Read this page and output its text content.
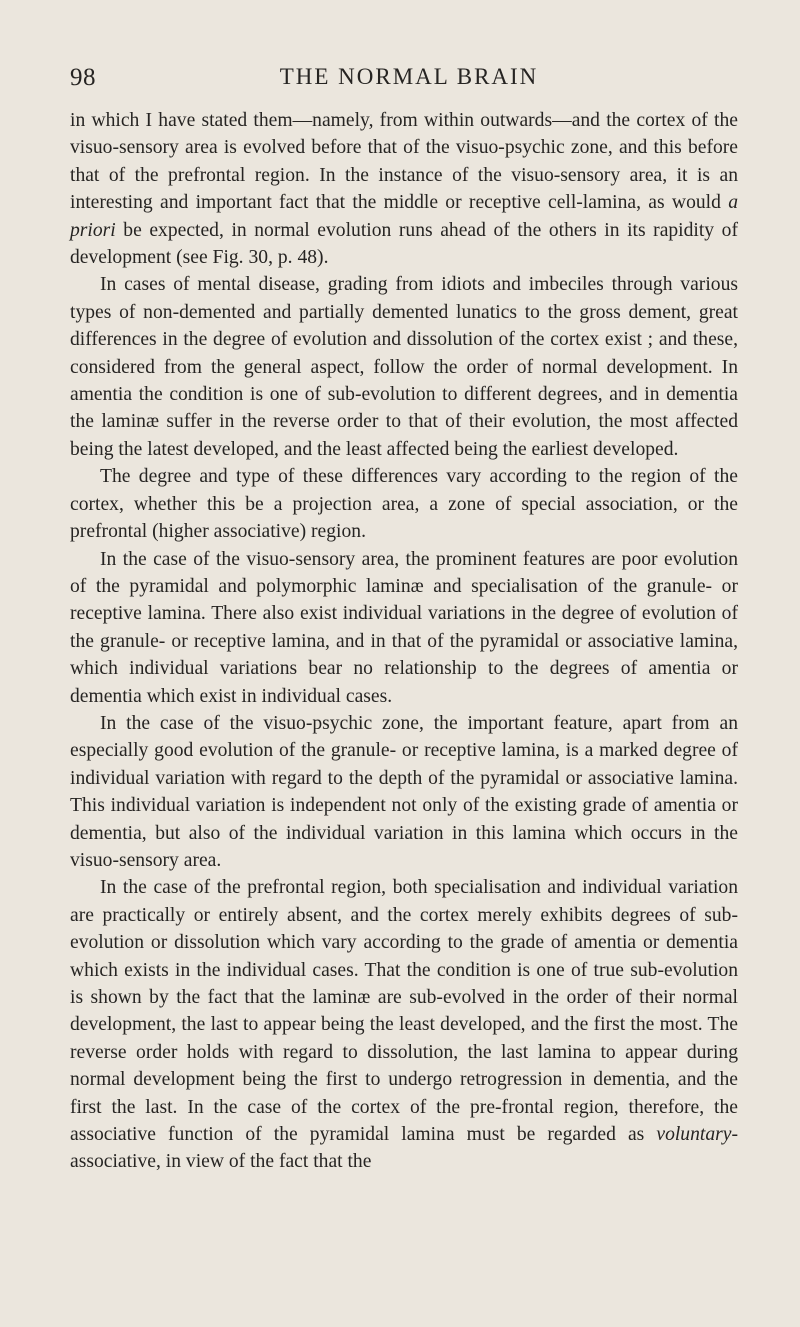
98	THE NORMAL BRAIN

in which I have stated them—namely, from within outwards—and the cortex of the visuo-sensory area is evolved before that of the visuo-psychic zone, and this before that of the prefrontal region. In the instance of the visuo-sensory area, it is an interesting and important fact that the middle or receptive cell-lamina, as would a priori be expected, in normal evolution runs ahead of the others in its rapidity of development (see Fig. 30, p. 48).

In cases of mental disease, grading from idiots and imbeciles through various types of non-demented and partially demented lunatics to the gross dement, great differences in the degree of evolution and dissolution of the cortex exist ; and these, considered from the general aspect, follow the order of normal development. In amentia the condition is one of sub-evolution to different degrees, and in dementia the laminæ suffer in the reverse order to that of their evolution, the most affected being the latest developed, and the least affected being the earliest developed.

The degree and type of these differences vary according to the region of the cortex, whether this be a projection area, a zone of special association, or the prefrontal (higher associative) region.

In the case of the visuo-sensory area, the prominent features are poor evolution of the pyramidal and polymorphic laminæ and specialisation of the granule- or receptive lamina. There also exist individual variations in the degree of evolution of the granule- or receptive lamina, and in that of the pyramidal or associative lamina, which individual variations bear no relationship to the degrees of amentia or dementia which exist in individual cases.

In the case of the visuo-psychic zone, the important feature, apart from an especially good evolution of the granule- or receptive lamina, is a marked degree of individual variation with regard to the depth of the pyramidal or associative lamina. This individual variation is independent not only of the existing grade of amentia or dementia, but also of the individual variation in this lamina which occurs in the visuo-sensory area.

In the case of the prefrontal region, both specialisation and individual variation are practically or entirely absent, and the cortex merely exhibits degrees of sub-evolution or dissolution which vary according to the grade of amentia or dementia which exists in the individual cases. That the condition is one of true sub-evolution is shown by the fact that the laminæ are sub-evolved in the order of their normal development, the last to appear being the least developed, and the first the most. The reverse order holds with regard to dissolution, the last lamina to appear during normal development being the first to undergo retrogression in dementia, and the first the last. In the case of the cortex of the pre-frontal region, therefore, the associative function of the pyramidal lamina must be regarded as voluntary-associative, in view of the fact that the
